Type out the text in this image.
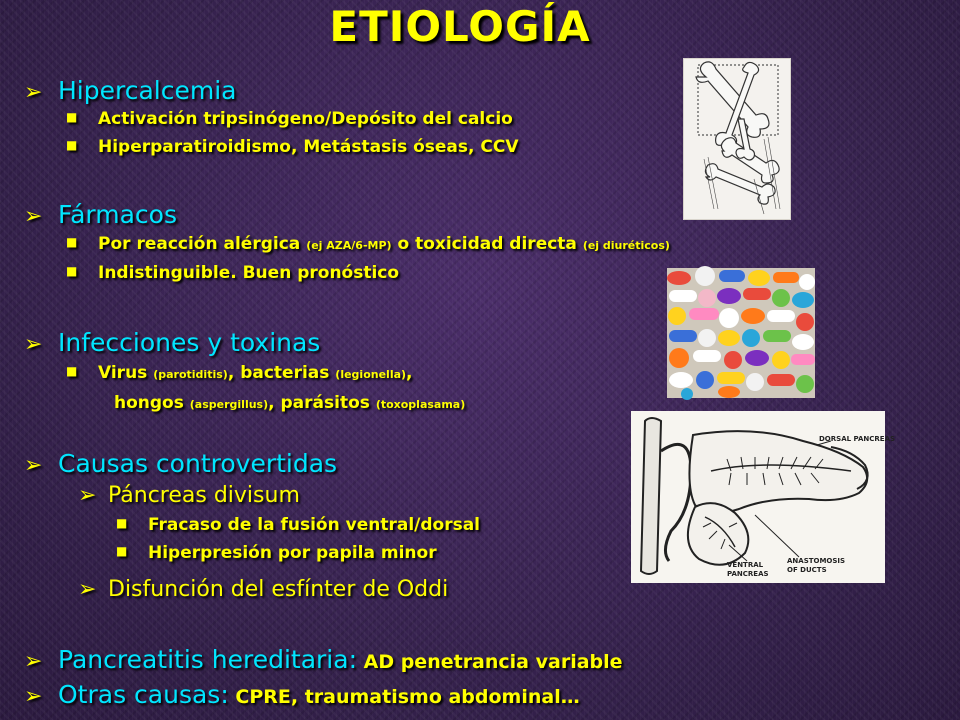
ETIOLOGÍA
➢ Hipercalcemia
■ Activación tripsinógeno/Depósito del calcio
■ Hiperparatiroidismo, Metástasis óseas, CCV
➢ Fármacos
■ Por reacción alérgica (ej AZA/6-MP) o toxicidad directa (ej diuréticos)
■ Indistinguible. Buen pronóstico
➢ Infecciones y toxinas
■ Virus (parotiditis), bacterias (legionella),
hongos (aspergillus), parásitos (toxoplasama)
➢ Causas controvertidas
➢ Páncreas divisum
■ Fracaso de la fusión ventral/dorsal
■ Hiperpresión por papila minor
➢ Disfunción del esfínter de Oddi
➢ Pancreatitis hereditaria: AD penetrancia variable
➢ Otras causas: CPRE, traumatismo abdominal…
DORSAL PANCREAS
VENTRAL
PANCREAS
ANASTOMOSIS
OF DUCTS
